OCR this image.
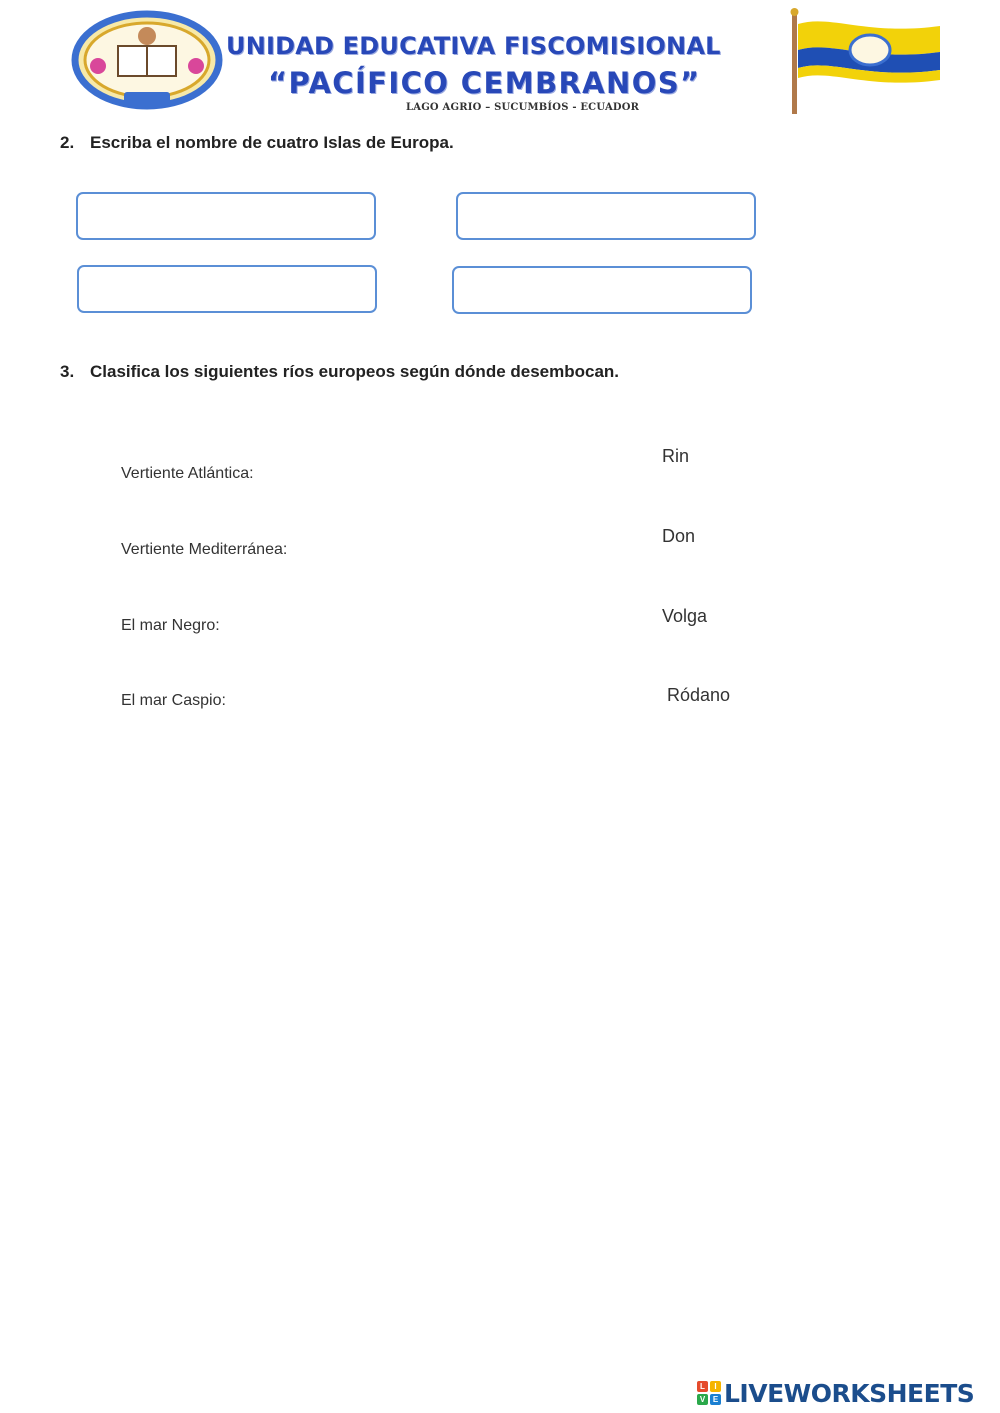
UNIDAD EDUCATIVA FISCOMISIONAL
“PACÍFICO CEMBRANOS”
LAGO AGRIO – SUCUMBÍOS - ECUADOR
2. Escriba el nombre de cuatro Islas de Europa.
3. Clasifica los siguientes ríos europeos según dónde desembocan.
Vertiente Atlántica:
Vertiente Mediterránea:
El mar Negro:
El mar Caspio:
Rin
Don
Volga
Ródano
L	I
V E LIVEWORKSHEETS
